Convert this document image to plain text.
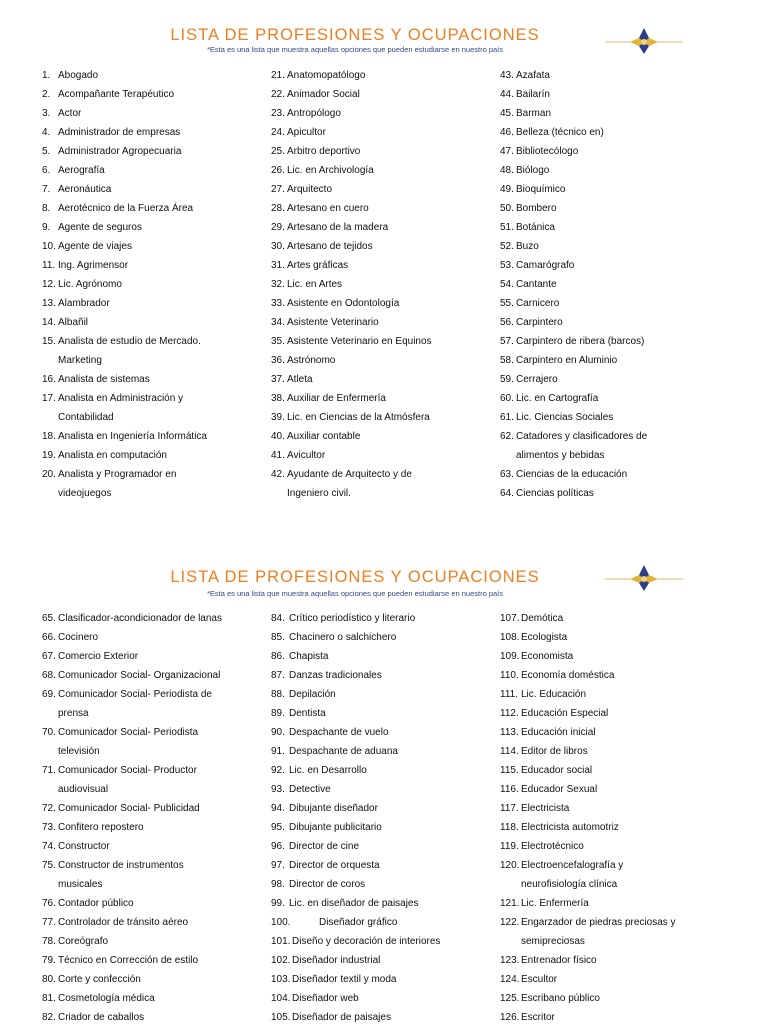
LISTA DE PROFESIONES Y OCUPACIONES
*Esta es una lista que muestra aquellas opciones que pueden estudiarse en nuestro país
1. Abogado
2. Acompañante Terapéutico
3. Actor
4. Administrador de empresas
5. Administrador Agropecuaria
6. Aerografía
7. Aeronáutica
8. Aerotécnico de la Fuerza Área
9. Agente de seguros
10. Agente de viajes
11. Ing. Agrimensor
12. Lic. Agrónomo
13. Alambrador
14. Albañil
15. Analista de estudio de Mercado.
Marketing
16. Analista de sistemas
17. Analista en Administración y
Contabilidad
18. Analista en Ingeniería Informática
19. Analista en computación
20. Analista y Programador en
videojuegos
21. Anatomopatólogo
22. Animador Social
23. Antropólogo
24. Apicultor
25. Arbitro deportivo
26. Lic. en Archivología
27. Arquitecto
28. Artesano en cuero
29. Artesano de la madera
30. Artesano de tejidos
31. Artes gráficas
32. Lic. en Artes
33. Asistente en Odontología
34. Asistente Veterinario
35. Asistente Veterinario en Equinos
36. Astrónomo
37. Atleta
38. Auxiliar de Enfermería
39. Lic. en Ciencias de la Atmósfera
40. Auxiliar contable
41. Avicultor
42. Ayudante de Arquitecto y de
Ingeniero civil.
43. Azafata
44. Bailarín
45. Barman
46. Belleza (técnico en)
47. Bibliotecólogo
48. Biólogo
49. Bioquímico
50. Bombero
51. Botánica
52. Buzo
53. Camarógrafo
54. Cantante
55. Carnicero
56. Carpintero
57. Carpintero de ribera (barcos)
58. Carpintero en Aluminio
59. Cerrajero
60. Lic. en Cartografía
61. Lic. Ciencias Sociales
62. Catadores y clasificadores de
alimentos y bebidas
63. Ciencias de la educación
64. Ciencias políticas
LISTA DE PROFESIONES Y OCUPACIONES
*Esta es una lista que muestra aquellas opciones que pueden estudiarse en nuestro país
65. Clasificador-acondicionador de lanas
66. Cocinero
67. Comercio Exterior
68. Comunicador Social- Organizacional
69. Comunicador Social- Periodista de
prensa
70. Comunicador Social- Periodista
televisión
71. Comunicador Social- Productor
audiovisual
72. Comunicador Social- Publicidad
73. Confitero repostero
74. Constructor
75. Constructor de instrumentos
musicales
76. Contador público
77. Controlador de tránsito aéreo
78. Coreógrafo
79. Técnico en Corrección de estilo
80. Corte y confección
81. Cosmetología médica
82. Criador de caballos
84. Crítico periodístico y literario
85. Chacinero o salchichero
86. Chapista
87. Danzas tradicionales
88. Depilación
89. Dentista
90. Despachante de vuelo
91. Despachante de aduana
92. Lic. en Desarrollo
93. Detective
94. Dibujante diseñador
95. Dibujante publicitario
96. Director de cine
97. Director de orquesta
98. Director de coros
99. Lic. en diseñador de paisajes
100.	Diseñador gráfico
101. Diseño y decoración de interiores
102. Diseñador industrial
103. Diseñador textil y moda
104. Diseñador web
105. Diseñador de paisajes
107. Demótica
108. Ecologista
109. Economista
110. Economía doméstica
111. Lic. Educación
112. Educación Especial
113. Educación inicial
114. Editor de libros
115. Educador social
116. Educador Sexual
117. Electricista
118. Electricista automotriz
119. Electrotécnico
120. Electroencefalografía y
neurofisiología clínica
121. Lic. Enfermería
122. Engarzador de piedras preciosas y
semipreciosas
123. Entrenador físico
124. Escultor
125. Escribano público
126. Escritor
